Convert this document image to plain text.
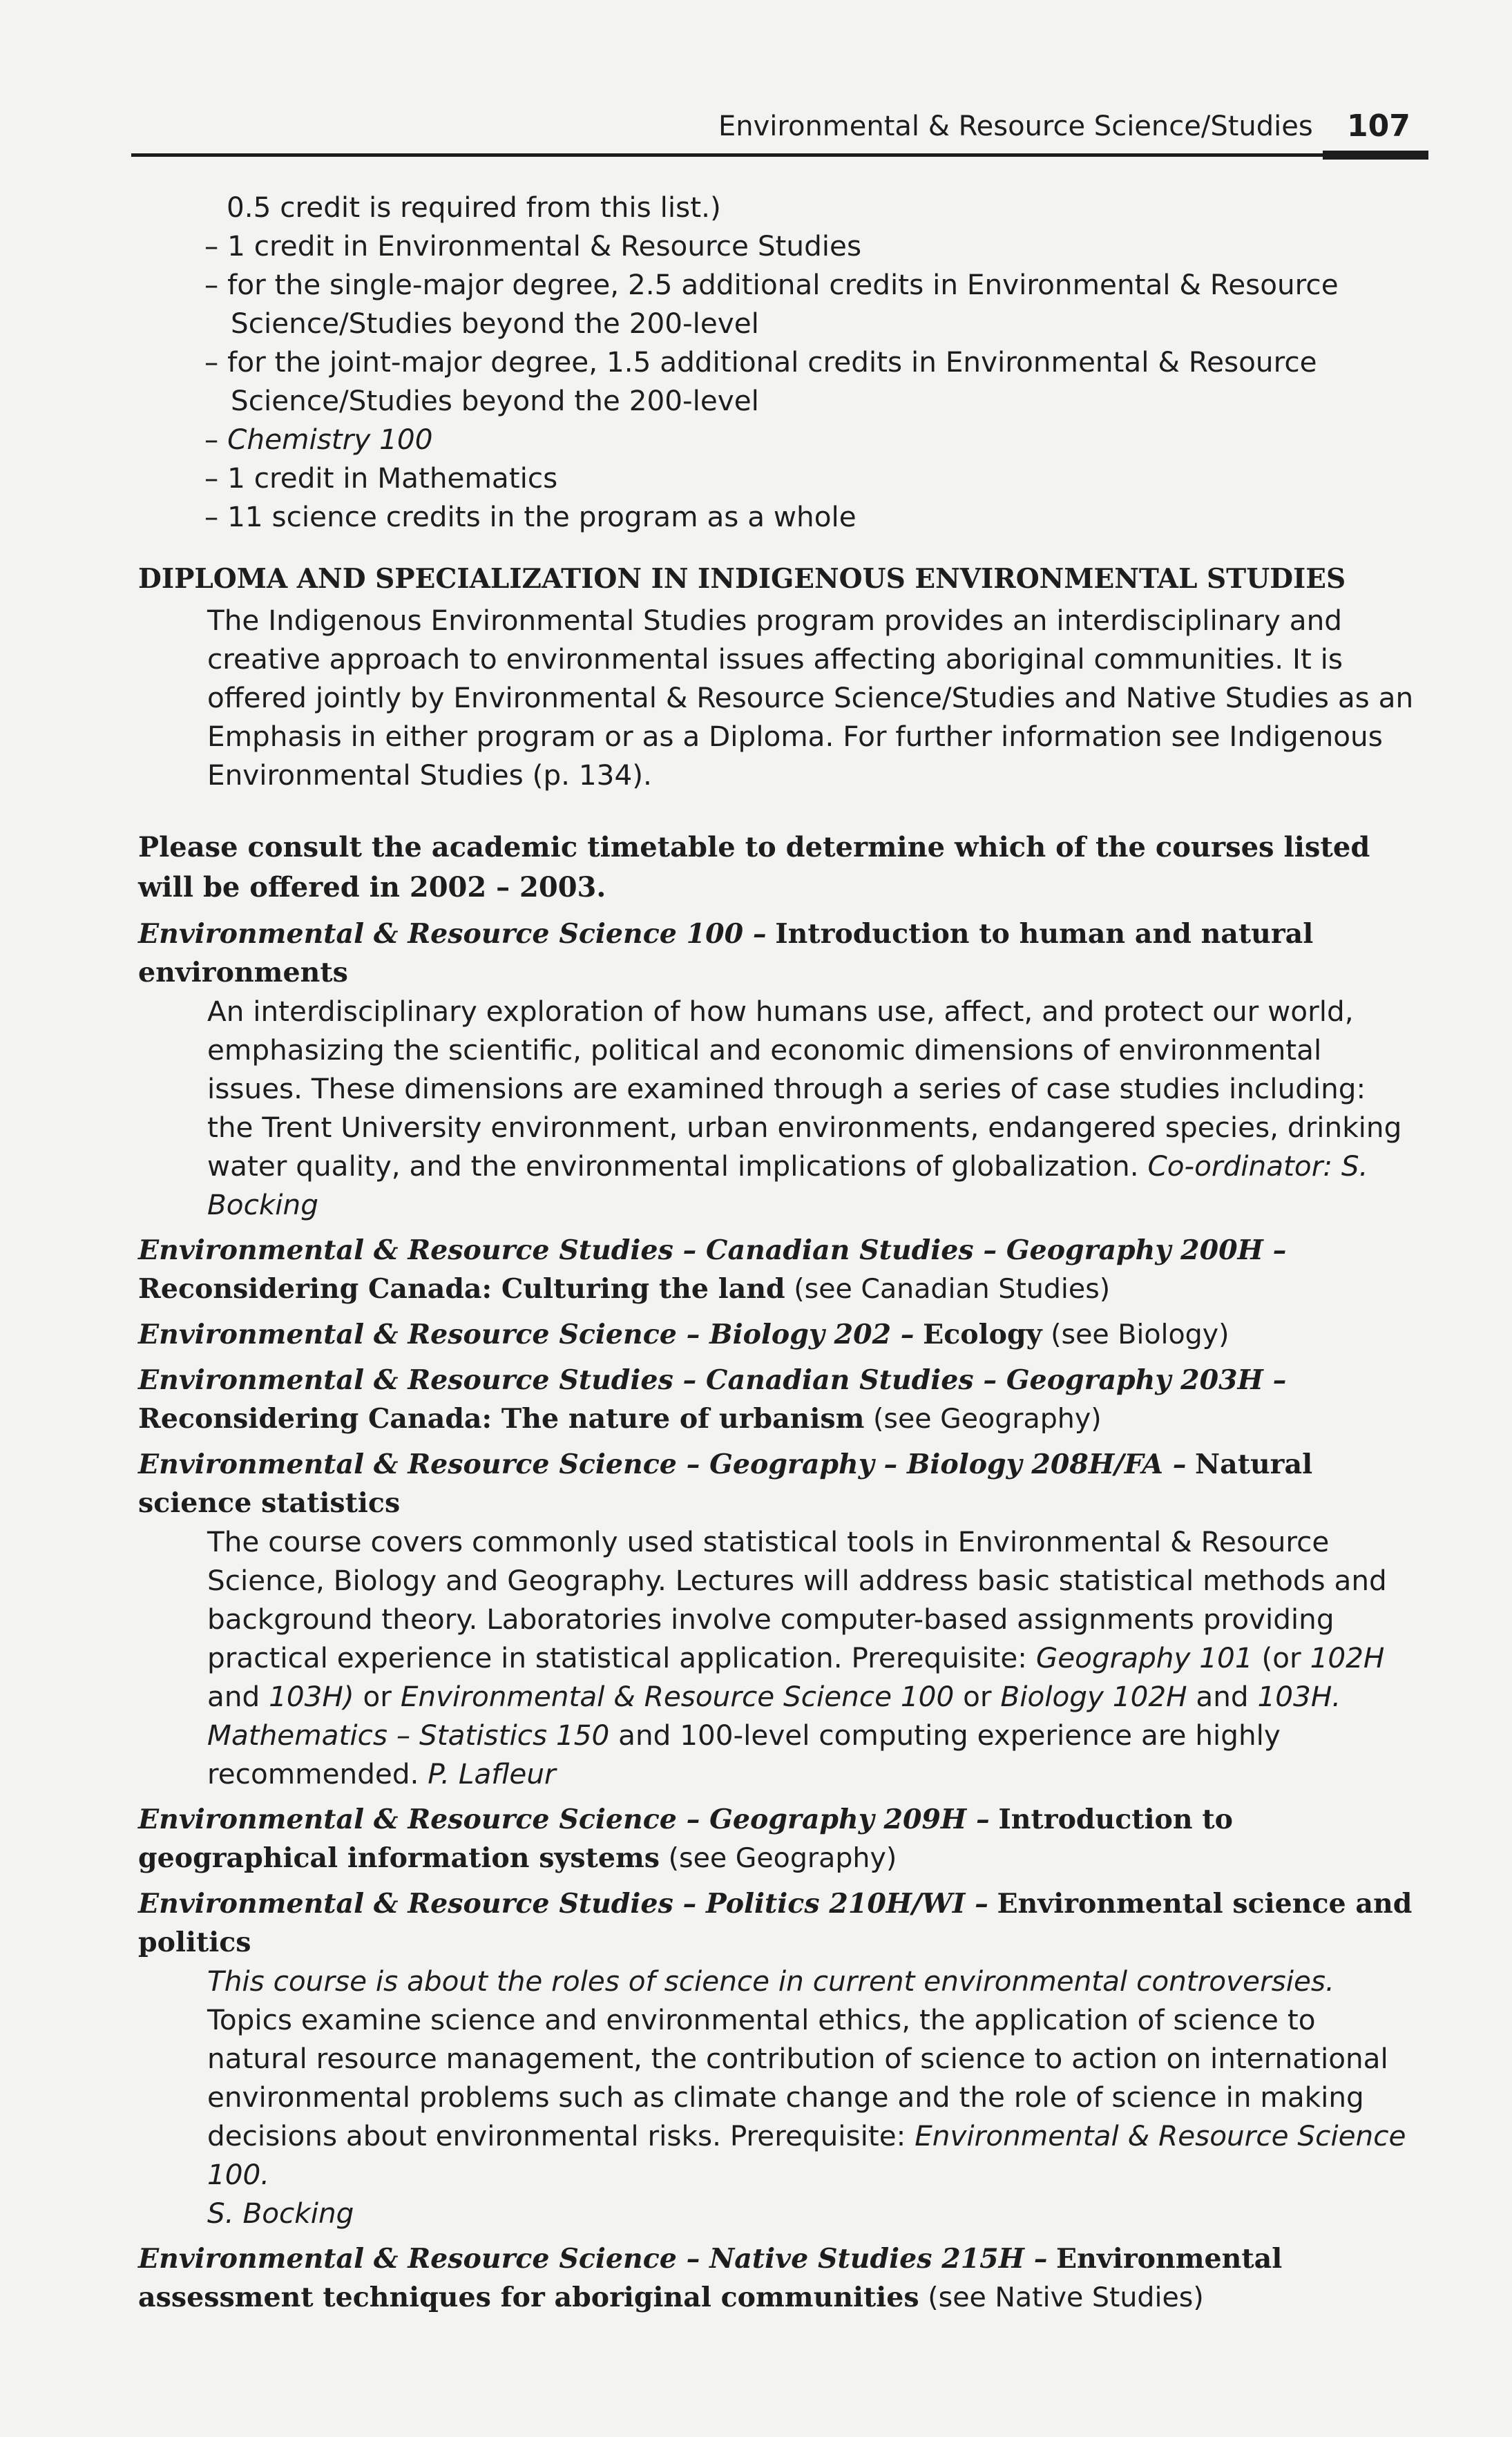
Environmental & Resource Science/Studies 107
0.5 credit is required from this list.)
– 1 credit in Environmental & Resource Studies
– for the single-major degree, 2.5 additional credits in Environmental & Resource Science/Studies beyond the 200-level
– for the joint-major degree, 1.5 additional credits in Environmental & Resource Science/Studies beyond the 200-level
– Chemistry 100
– 1 credit in Mathematics
– 11 science credits in the program as a whole
DIPLOMA AND SPECIALIZATION IN INDIGENOUS ENVIRONMENTAL STUDIES
The Indigenous Environmental Studies program provides an interdisciplinary and creative approach to environmental issues affecting aboriginal communities. It is offered jointly by Environmental & Resource Science/Studies and Native Studies as an Emphasis in either program or as a Diploma. For further information see Indigenous Environmental Studies (p. 134).
Please consult the academic timetable to determine which of the courses listed will be offered in 2002 – 2003.
Environmental & Resource Science 100 – Introduction to human and natural environments
An interdisciplinary exploration of how humans use, affect, and protect our world, emphasizing the scientific, political and economic dimensions of environmental issues. These dimensions are examined through a series of case studies including: the Trent University environment, urban environments, endangered species, drinking water quality, and the environmental implications of globalization. Co-ordinator: S. Bocking
Environmental & Resource Studies – Canadian Studies – Geography 200H – Reconsidering Canada: Culturing the land (see Canadian Studies)
Environmental & Resource Science – Biology 202 – Ecology (see Biology)
Environmental & Resource Studies – Canadian Studies – Geography 203H – Reconsidering Canada: The nature of urbanism (see Geography)
Environmental & Resource Science – Geography – Biology 208H/FA – Natural science statistics
The course covers commonly used statistical tools in Environmental & Resource Science, Biology and Geography. Lectures will address basic statistical methods and background theory. Laboratories involve computer-based assignments providing practical experience in statistical application. Prerequisite: Geography 101 (or 102H and 103H) or Environmental & Resource Science 100 or Biology 102H and 103H. Mathematics – Statistics 150 and 100-level computing experience are highly recommended. P. Lafleur
Environmental & Resource Science – Geography 209H – Introduction to geographical information systems (see Geography)
Environmental & Resource Studies – Politics 210H/WI – Environmental science and politics
This course is about the roles of science in current environmental controversies. Topics examine science and environmental ethics, the application of science to natural resource management, the contribution of science to action on international environmental problems such as climate change and the role of science in making decisions about environmental risks. Prerequisite: Environmental & Resource Science 100.
S. Bocking
Environmental & Resource Science – Native Studies 215H – Environmental assessment techniques for aboriginal communities (see Native Studies)
